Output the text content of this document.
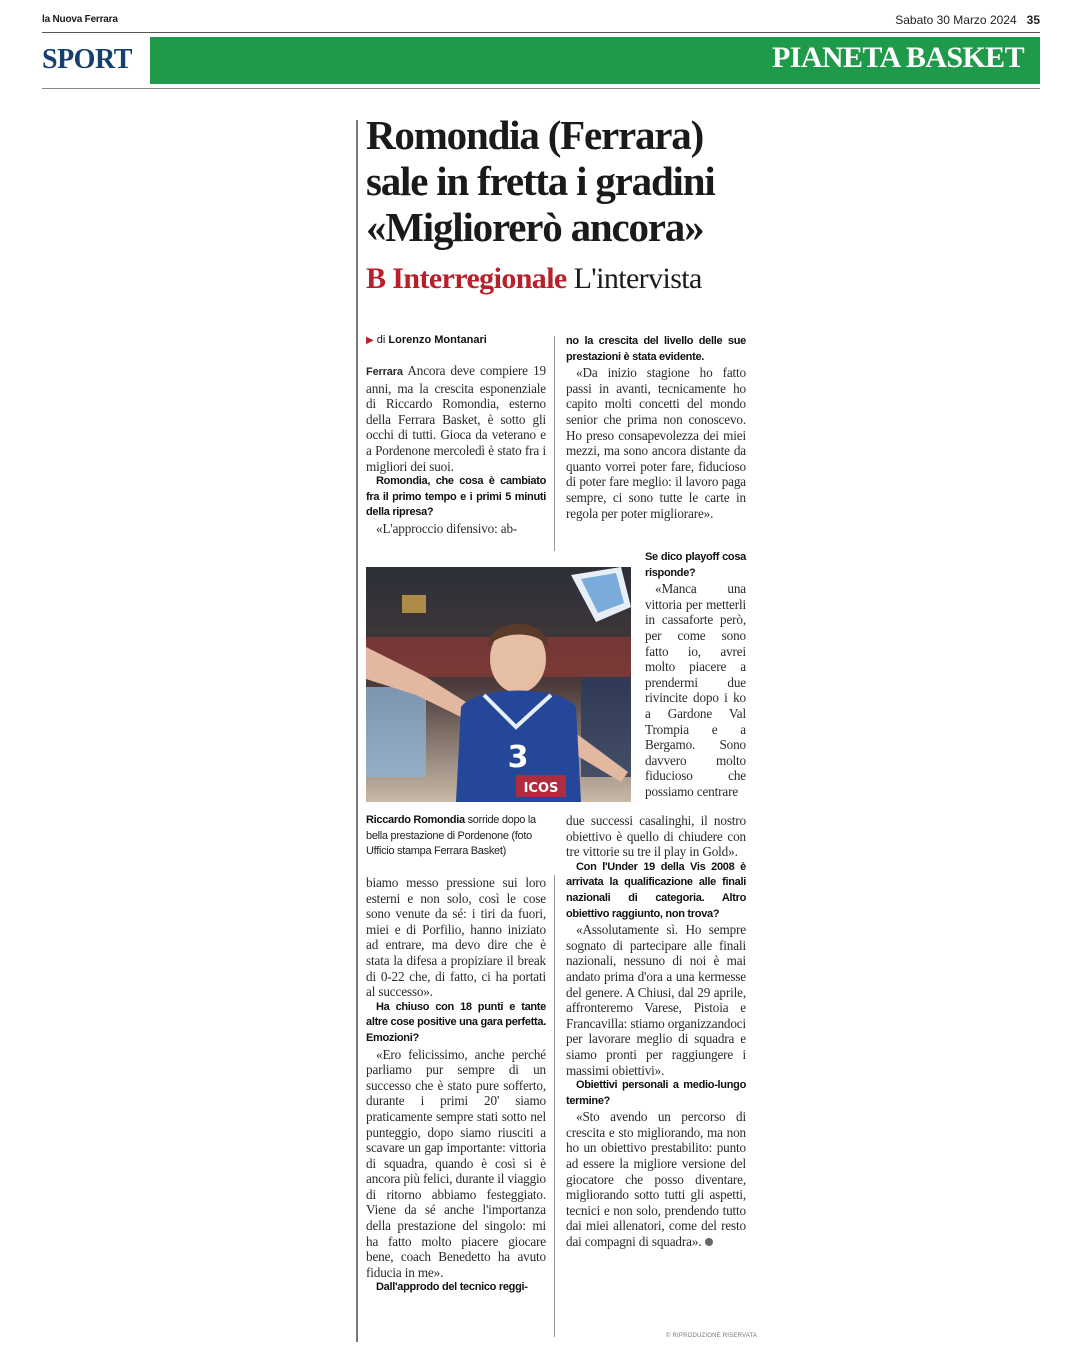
la Nuova Ferrara	Sabato 30 Marzo 2024 35
SPORT	PIANETA BASKET
Romondia (Ferrara) sale in fretta i gradini «Migliorerò ancora»
B Interregionale L'intervista
▶ di Lorenzo Montanari

Ferrara Ancora deve compiere 19 anni, ma la crescita esponenziale di Riccardo Romondia, esterno della Ferrara Basket, è sotto gli occhi di tutti. Gioca da veterano e a Pordenone mercoledì è stato fra i migliori dei suoi.

Romondia, che cosa è cambiato fra il primo tempo e i primi 5 minuti della ripresa?

«L'approccio difensivo: ab-

no la crescita del livello delle sue prestazioni è stata evidente.

«Da inizio stagione ho fatto passi in avanti, tecnicamente ho capito molti concetti del mondo senior che prima non conoscevo. Ho preso consapevolezza dei miei mezzi, ma sono ancora distante da quanto vorrei poter fare, fiducioso di poter fare meglio: il lavoro paga sempre, ci sono tutte le carte in regola per poter migliorare».

3
ICOS

Se dico playoff cosa risponde?

«Manca una vittoria per metterli in cassaforte però, per come sono fatto io, avrei molto piacere a prendermi due rivincite dopo i ko a Gardone Val Trompia e a Bergamo. Sono davvero molto fiducioso che possiamo centrare

Riccardo Romondia sorride dopo la bella prestazione di Pordenone (foto Ufficio stampa Ferrara Basket)

due successi casalinghi, il nostro obiettivo è quello di chiudere con tre vittorie su tre il play in Gold».

Con l'Under 19 della Vis 2008 è arrivata la qualificazione alle finali nazionali di categoria. Altro obiettivo raggiunto, non trova?

«Assolutamente sì. Ho sempre sognato di partecipare alle finali nazionali, nessuno di noi è mai andato prima d'ora a una kermesse del genere. A Chiusi, dal 29 aprile, affronteremo Varese, Pistoia e Francavilla: stiamo organizzandoci per lavorare meglio di squadra e siamo pronti per raggiungere i massimi obiettivi».

Obiettivi personali a medio-lungo termine?

«Sto avendo un percorso di crescita e sto migliorando, ma non ho un obiettivo prestabilito: punto ad essere la migliore versione del giocatore che posso diventare, migliorando sotto tutti gli aspetti, tecnici e non solo, prendendo tutto dai miei allenatori, come del resto dai compagni di squadra».

biamo messo pressione sui loro esterni e non solo, così le cose sono venute da sé: i tiri da fuori, miei e di Porfilio, hanno iniziato ad entrare, ma devo dire che è stata la difesa a propiziare il break di 0-22 che, di fatto, ci ha portati al successo».

Ha chiuso con 18 punti e tante altre cose positive una gara perfetta. Emozioni?

«Ero felicissimo, anche perché parliamo pur sempre di un successo che è stato pure sofferto, durante i primi 20' siamo praticamente sempre stati sotto nel punteggio, dopo siamo riusciti a scavare un gap importante: vittoria di squadra, quando è così si è ancora più felici, durante il viaggio di ritorno abbiamo festeggiato. Viene da sé anche l'importanza della prestazione del singolo: mi ha fatto molto piacere giocare bene, coach Benedetto ha avuto fiducia in me».

Dall'approdo del tecnico reggi-

© RIPRODUZIONE RISERVATA
